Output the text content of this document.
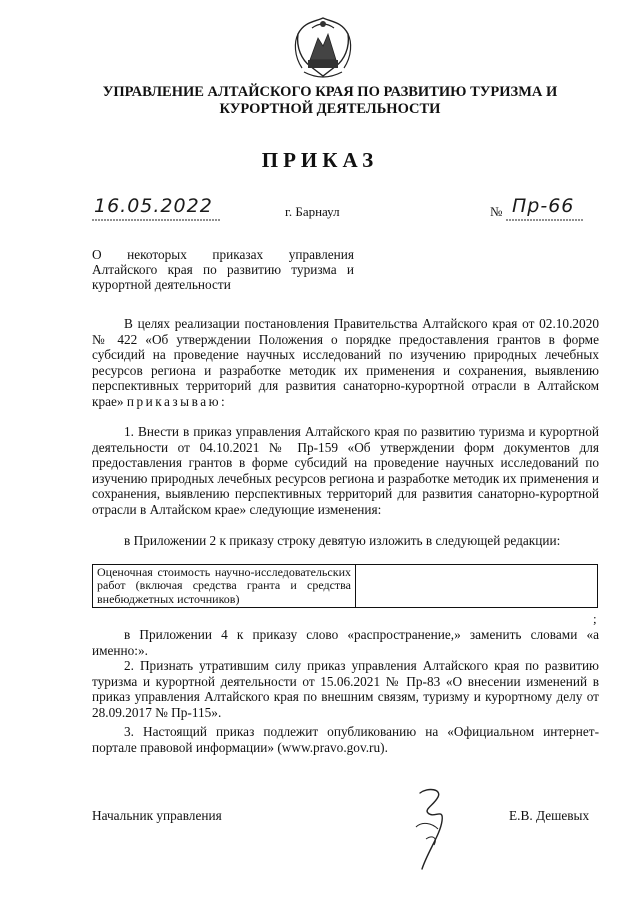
УПРАВЛЕНИЕ АЛТАЙСКОГО КРАЯ ПО РАЗВИТИЮ ТУРИЗМА И
КУРОРТНОЙ ДЕЯТЕЛЬНОСТИ
ПРИКАЗ
16.05.2022	г. Барнаул	№ Пр-66
О некоторых приказах управления Алтайского края по развитию туризма и курортной деятельности
В целях реализации постановления Правительства Алтайского края от 02.10.2020 № 422 «Об утверждении Положения о порядке предоставления грантов в форме субсидий на проведение научных исследований по изучению природных лечебных ресурсов региона и разработке методик их применения и сохранения, выявлению перспективных территорий для развития санаторно-курортной отрасли в Алтайском крае» приказываю:
1. Внести в приказ управления Алтайского края по развитию туризма и курортной деятельности от 04.10.2021 № Пр-159 «Об утверждении форм документов для предоставления грантов в форме субсидий на проведение научных исследований по изучению природных лечебных ресурсов региона и разработке методик их применения и сохранения, выявлению перспективных территорий для развития санаторно-курортной отрасли в Алтайском крае» следующие изменения:
в Приложении 2 к приказу строку девятую изложить в следующей редакции:
Оценочная стоимость научно-исследовательских работ (включая средства гранта и средства внебюджетных источников)	
;
в Приложении 4 к приказу слово «распространение,» заменить словами «а именно:».
2. Признать утратившим силу приказ управления Алтайского края по развитию туризма и курортной деятельности от 15.06.2021 № Пр-83 «О внесении изменений в приказ управления Алтайского края по внешним связям, туризму и курортному делу от 28.09.2017 № Пр-115».
3. Настоящий приказ подлежит опубликованию на «Официальном интернет-портале правовой информации» (www.pravo.gov.ru).
Начальник управления	Е.В. Дешевых
